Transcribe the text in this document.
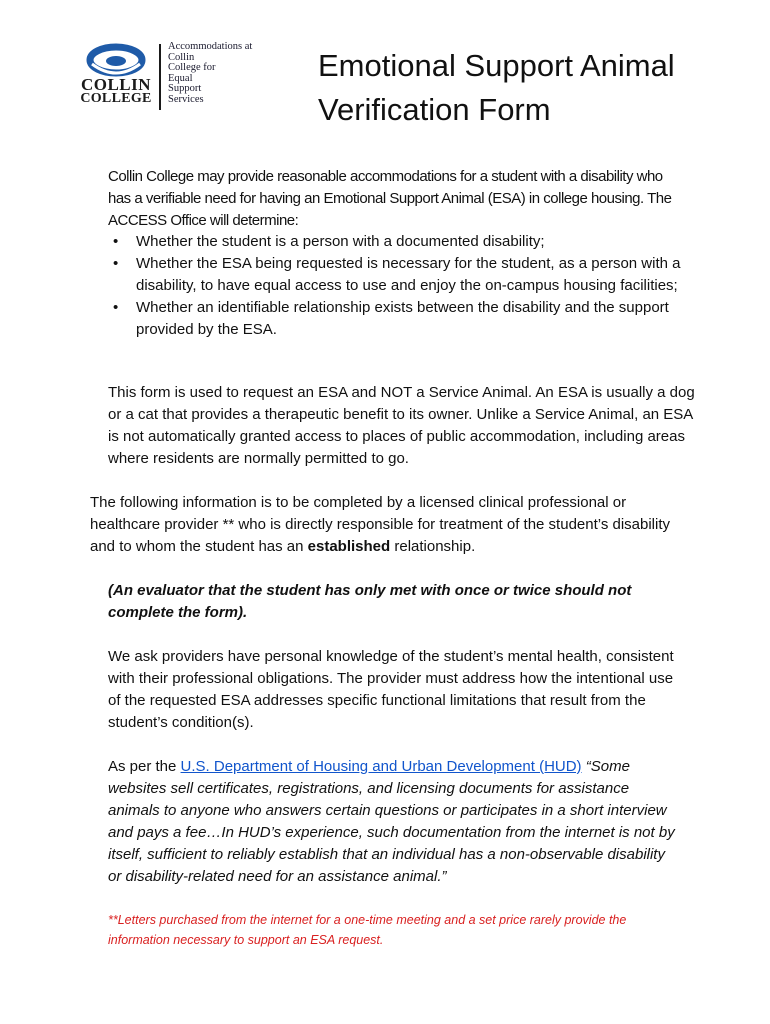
COLLIN
COLLEGE
Accommodations at
Collin
College for
Equal
Support
Services
Emotional Support Animal
Verification Form

Collin College may provide reasonable accommodations for a student with a disability who has a verifiable need for having an Emotional Support Animal (ESA) in college housing. The ACCESS Office will determine:

• Whether the student is a person with a documented disability;
• Whether the ESA being requested is necessary for the student, as a person with a disability, to have equal access to use and enjoy the on-campus housing facilities;
• Whether an identifiable relationship exists between the disability and the support provided by the ESA.

This form is used to request an ESA and NOT a Service Animal. An ESA is usually a dog or a cat that provides a therapeutic benefit to its owner. Unlike a Service Animal, an ESA is not automatically granted access to places of public accommodation, including areas where residents are normally permitted to go.

The following information is to be completed by a licensed clinical professional or healthcare provider ** who is directly responsible for treatment of the student’s disability and to whom the student has an established relationship.

(An evaluator that the student has only met with once or twice should not complete the form).

We ask providers have personal knowledge of the student’s mental health, consistent with their professional obligations. The provider must address how the intentional use of the requested ESA addresses specific functional limitations that result from the student’s condition(s).

As per the U.S. Department of Housing and Urban Development (HUD) “Some websites sell certificates, registrations, and licensing documents for assistance animals to anyone who answers certain questions or participates in a short interview and pays a fee…In HUD’s experience, such documentation from the internet is not by itself, sufficient to reliably establish that an individual has a non-observable disability or disability-related need for an assistance animal.”

**Letters purchased from the internet for a one-time meeting and a set price rarely provide the information necessary to support an ESA request.
